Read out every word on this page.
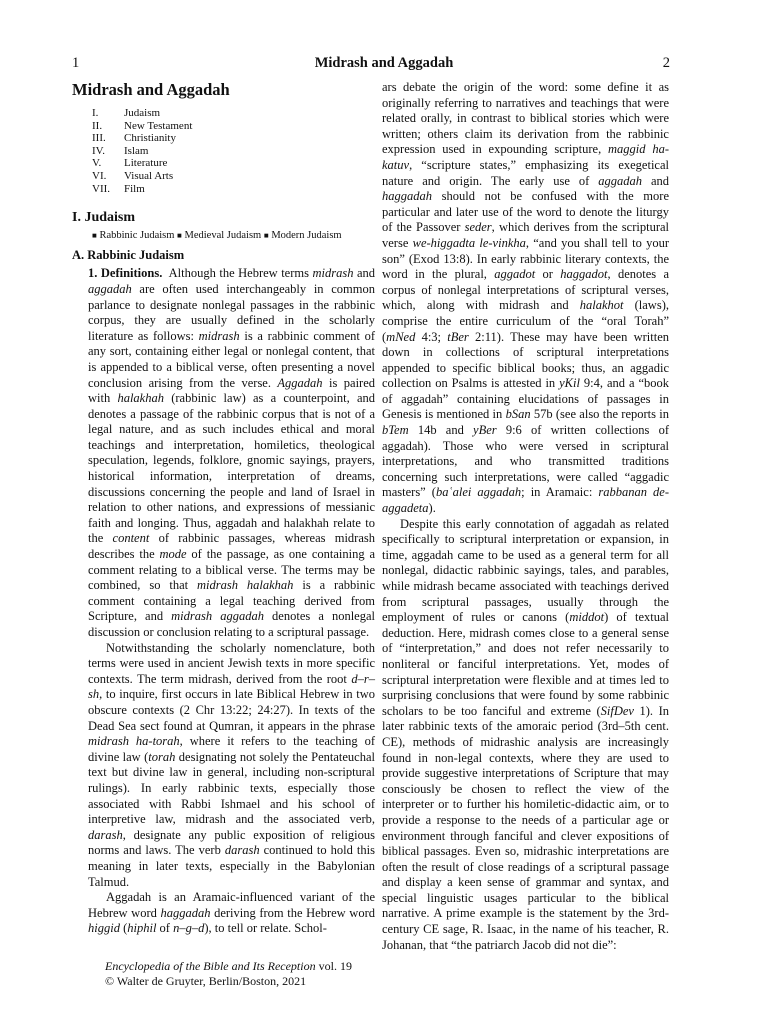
1	Midrash and Aggadah	2
Midrash and Aggadah
I.	Judaism
II.	New Testament
III.	Christianity
IV.	Islam
V.	Literature
VI.	Visual Arts
VII.	Film
I. Judaism
■ Rabbinic Judaism ■ Medieval Judaism ■ Modern Judaism
A. Rabbinic Judaism

1. Definitions.  Although the Hebrew terms midrash and aggadah are often used interchangeably in common parlance to designate nonlegal passages in the rabbinic corpus, they are usually defined in the scholarly literature as follows: midrash is a rabbinic comment of any sort, containing either legal or nonlegal content, that is appended to a biblical verse, often presenting a novel conclusion arising from the verse. Aggadah is paired with halakhah (rabbinic law) as a counterpoint, and denotes a passage of the rabbinic corpus that is not of a legal nature, and as such includes ethical and moral teachings and interpretation, homiletics, theological speculation, legends, folklore, gnomic sayings, prayers, historical information, interpretation of dreams, discussions concerning the people and land of Israel in relation to other nations, and expressions of messianic faith and longing. Thus, aggadah and halakhah relate to the content of rabbinic passages, whereas midrash describes the mode of the passage, as one containing a comment relating to a biblical verse. The terms may be combined, so that midrash halakhah is a rabbinic comment containing a legal teaching derived from Scripture, and midrash aggadah denotes a nonlegal discussion or conclusion relating to a scriptural passage.

Notwithstanding the scholarly nomenclature, both terms were used in ancient Jewish texts in more specific contexts. The term midrash, derived from the root d–r–sh, to inquire, first occurs in late Biblical Hebrew in two obscure contexts (2 Chr 13:22; 24:27). In texts of the Dead Sea sect found at Qumran, it appears in the phrase midrash ha-torah, where it refers to the teaching of divine law (torah designating not solely the Pentateuchal text but divine law in general, including non-scriptural rulings). In early rabbinic texts, especially those associated with Rabbi Ishmael and his school of interpretive law, midrash and the associated verb, darash, designate any public exposition of religious norms and laws. The verb darash continued to hold this meaning in later texts, especially in the Babylonian Talmud.

Aggadah is an Aramaic-influenced variant of the Hebrew word haggadah deriving from the Hebrew word higgid (hiphil of n–g–d), to tell or relate. Schol-

ars debate the origin of the word: some define it as originally referring to narratives and teachings that were related orally, in contrast to biblical stories which were written; others claim its derivation from the rabbinic expression used in expounding scripture, maggid ha-katuv, “scripture states,” emphasizing its exegetical nature and origin. The early use of aggadah and haggadah should not be confused with the more particular and later use of the word to denote the liturgy of the Passover seder, which derives from the scriptural verse we-higgadta le-vinkha, “and you shall tell to your son” (Exod 13:8). In early rabbinic literary contexts, the word in the plural, aggadot or haggadot, denotes a corpus of nonlegal interpretations of scriptural verses, which, along with midrash and halakhot (laws), comprise the entire curriculum of the “oral Torah” (mNed 4:3; tBer 2:11). These may have been written down in collections of scriptural interpretations appended to specific biblical books; thus, an aggadic collection on Psalms is attested in yKil 9:4, and a “book of aggadah” containing elucidations of passages in Genesis is mentioned in bSan 57b (see also the reports in bTem 14b and yBer 9:6 of written collections of aggadah). Those who were versed in scriptural interpretations, and who transmitted traditions concerning such interpretations, were called “aggadic masters” (baʿalei aggadah; in Aramaic: rabbanan de-aggadeta).

Despite this early connotation of aggadah as related specifically to scriptural interpretation or expansion, in time, aggadah came to be used as a general term for all nonlegal, didactic rabbinic sayings, tales, and parables, while midrash became associated with teachings derived from scriptural passages, usually through the employment of rules or canons (middot) of textual deduction. Here, midrash comes close to a general sense of “interpretation,” and does not refer necessarily to nonliteral or fanciful interpretations. Yet, modes of scriptural interpretation were flexible and at times led to surprising conclusions that were found by some rabbinic scholars to be too fanciful and extreme (SifDev 1). In later rabbinic texts of the amoraic period (3rd–5th cent. CE), methods of midrashic analysis are increasingly found in non-legal contexts, where they are used to provide suggestive interpretations of Scripture that may consciously be chosen to reflect the view of the interpreter or to further his homiletic-didactic aim, or to provide a response to the needs of a particular age or environment through fanciful and clever expositions of biblical passages. Even so, midrashic interpretations are often the result of close readings of a scriptural passage and display a keen sense of grammar and syntax, and special linguistic usages particular to the biblical narrative. A prime example is the statement by the 3rd-century CE sage, R. Isaac, in the name of his teacher, R. Johanan, that “the patriarch Jacob did not die”:

Encyclopedia of the Bible and Its Reception vol. 19
© Walter de Gruyter, Berlin/Boston, 2021
